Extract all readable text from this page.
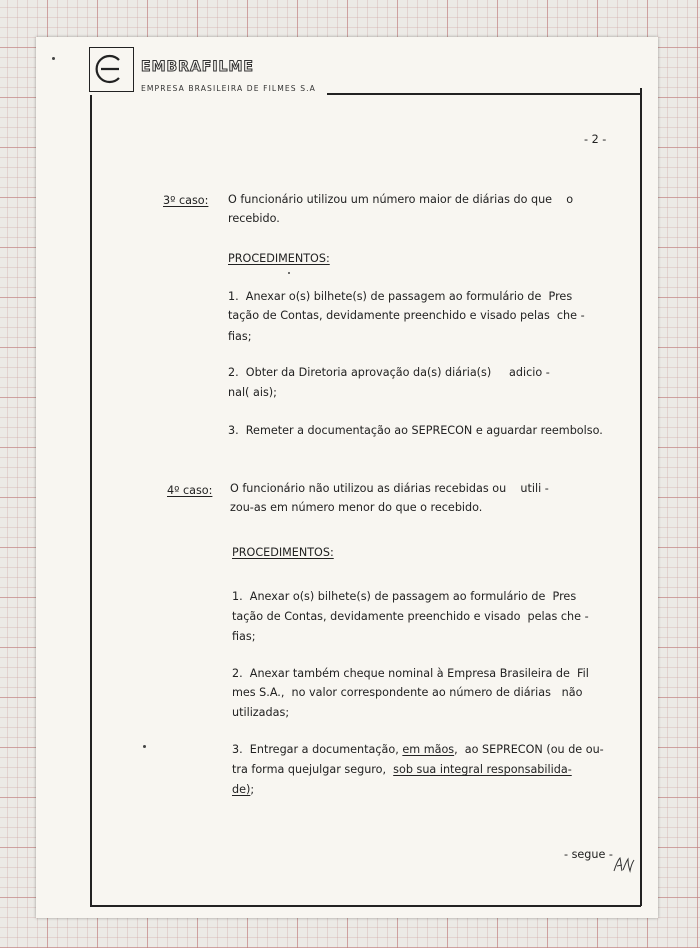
EMBRAFILME
EMPRESA BRASILEIRA DE FILMES S.A
- 2 -
3º caso: O funcionário utilizou um número maior de diárias do que    o
recebido.
PROCEDIMENTOS:
1.  Anexar o(s) bilhete(s) de passagem ao formulário de  Pres
tação de Contas, devidamente preenchido e visado pelas  che -
fias;
2.  Obter da Diretoria aprovação da(s) diária(s)     adicio -
nal( ais);
3.  Remeter a documentação ao SEPRECON e aguardar reembolso.
4º caso: O funcionário não utilizou as diárias recebidas ou    utili -
zou-as em número menor do que o recebido.
PROCEDIMENTOS:
1.  Anexar o(s) bilhete(s) de passagem ao formulário de  Pres
tação de Contas, devidamente preenchido e visado  pelas che -
fias;
2.  Anexar também cheque nominal à Empresa Brasileira de  Fil
mes S.A.,  no valor correspondente ao número de diárias   não
utilizadas;
3.  Entregar a documentação, em mãos,  ao SEPRECON (ou de ou-
tra forma quejulgar seguro,  sob sua integral responsabilida-
de);
- segue -
